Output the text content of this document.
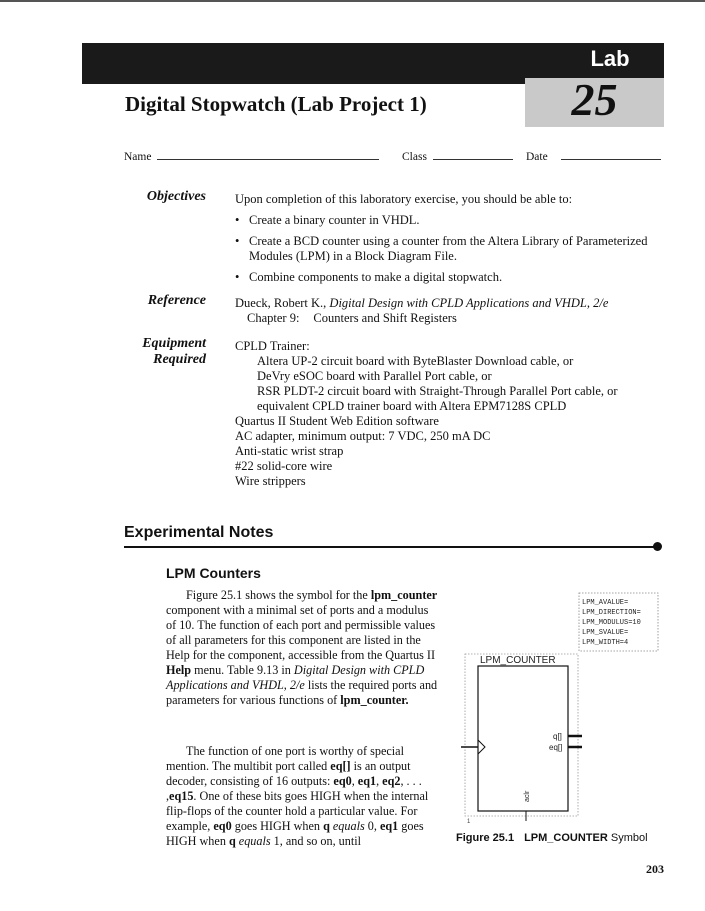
Lab
25
Digital Stopwatch (Lab Project 1)
Name	Class	Date
Objectives Upon completion of this laboratory exercise, you should be able to:
• Create a binary counter in VHDL.
• Create a BCD counter using a counter from the Altera Library of Parameterized Modules (LPM) in a Block Diagram File.
• Combine components to make a digital stopwatch.
Reference Dueck, Robert K., Digital Design with CPLD Applications and VHDL, 2/e
Chapter 9: Counters and Shift Registers
Equipment
Required
CPLD Trainer:
Altera UP-2 circuit board with ByteBlaster Download cable, or
DeVry eSOC board with Parallel Port cable, or
RSR PLDT-2 circuit board with Straight-Through Parallel Port cable, or
equivalent CPLD trainer board with Altera EPM7128S CPLD
Quartus II Student Web Edition software
AC adapter, minimum output: 7 VDC, 250 mA DC
Anti-static wrist strap
#22 solid-core wire
Wire strippers
Experimental Notes
LPM Counters
Figure 25.1 shows the symbol for the lpm_counter component with a minimal set of ports and a modulus of 10. The function of each port and permissible values of all parameters for this component are listed in the Help for the component, accessible from the Quartus II Help menu. Table 9.13 in Digital Design with CPLD Applications and VHDL, 2/e lists the required ports and parameters for various functions of lpm_counter.
The function of one port is worthy of special mention. The multibit port called eq[] is an output decoder, consisting of 16 outputs: eq0, eq1, eq2, . . . ,eq15. One of these bits goes HIGH when the internal flip-flops of the counter hold a particular value. For example, eq0 goes HIGH when q equals 0, eq1 goes HIGH when q equals 1, and so on, until
LPM_AVALUE=
LPM_DIRECTION=
LPM_MODULUS=10
LPM_SVALUE=
LPM_WIDTH=4
LPM_COUNTER
q[]
eq[]
aclr
1
Figure 25.1 LPM_COUNTER Symbol
203
